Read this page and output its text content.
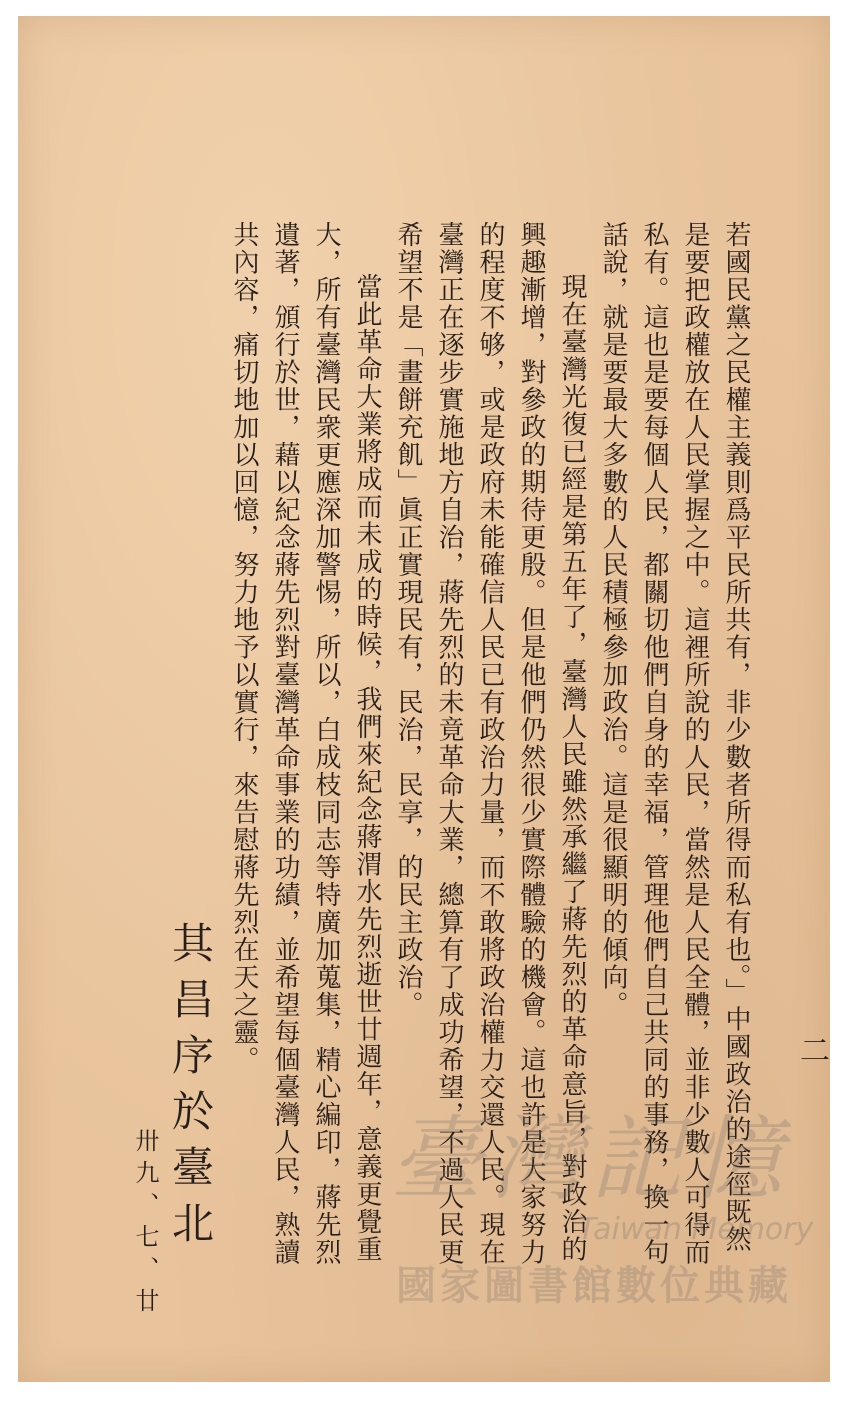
二
若國民黨之民權主義則爲平民所共有，非少數者所得而私有也。」中國政治的途徑既然
是要把政權放在人民掌握之中。這裡所說的人民，當然是人民全體，並非少數人可得而
私有。這也是要每個人民，都關切他們自身的幸福，管理他們自己共同的事務，換一句
話說，就是要最大多數的人民積極參加政治。這是很顯明的傾向。
現在臺灣光復已經是第五年了，臺灣人民雖然承繼了蔣先烈的革命意旨，對政治的
興趣漸增，對參政的期待更殷。但是他們仍然很少實際體驗的機會。這也許是大家努力
的程度不够，或是政府未能確信人民已有政治力量，而不敢將政治權力交還人民。現在
臺灣正在逐步實施地方自治，蔣先烈的未竟革命大業，總算有了成功希望，不過人民更
希望不是「畫餅充飢」眞正實現民有，民治，民享，的民主政治。
當此革命大業將成而未成的時候，我們來紀念蔣渭水先烈逝世廿週年，意義更覺重
大，所有臺灣民衆更應深加警惕，所以，白成枝同志等特廣加蒐集，精心編印，蔣先烈
遺著，頒行於世，藉以紀念蔣先烈對臺灣革命事業的功績，並希望每個臺灣人民，熟讀
共內容，痛切地加以回憶，努力地予以實行，來告慰蔣先烈在天之靈。
其昌序於臺北
卅九、七、廿	臺灣記憶
Taiwan Memory
國家圖書館數位典藏
